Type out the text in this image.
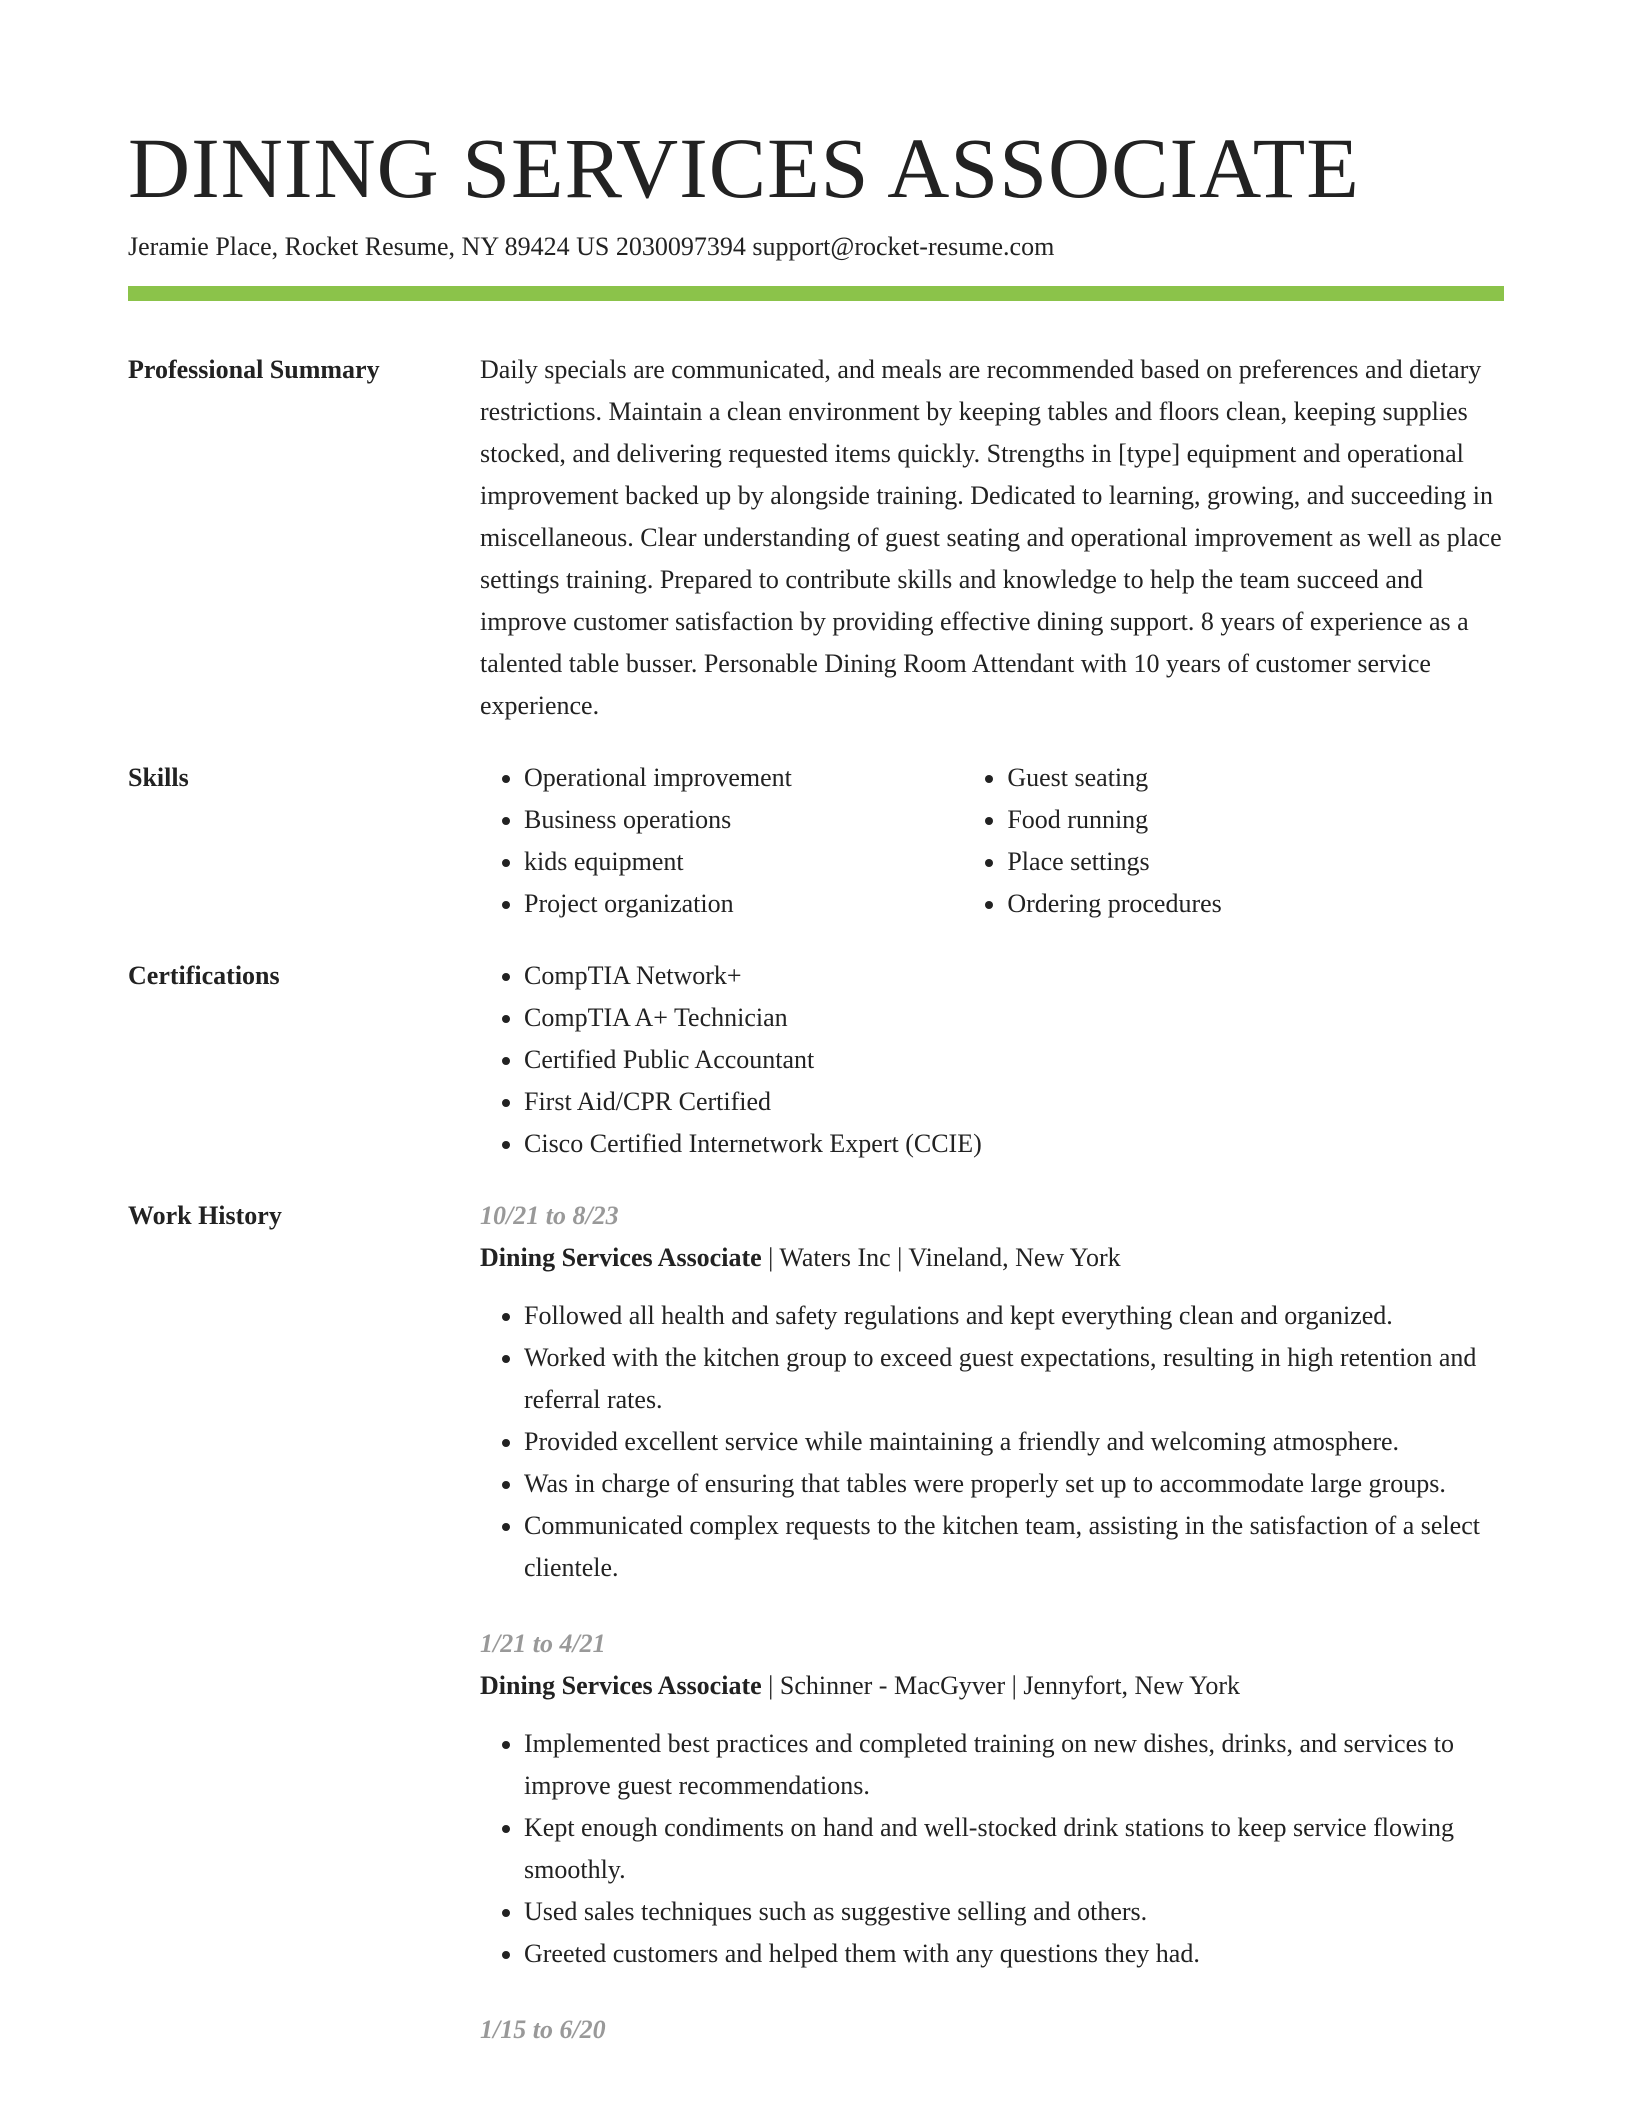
DINING SERVICES ASSOCIATE
Jeramie Place, Rocket Resume, NY 89424 US 2030097394 support@rocket-resume.com
Professional Summary	Daily specials are communicated, and meals are recommended based on preferences and dietary restrictions. Maintain a clean environment by keeping tables and floors clean, keeping supplies stocked, and delivering requested items quickly. Strengths in [type] equipment and operational improvement backed up by alongside training. Dedicated to learning, growing, and succeeding in miscellaneous. Clear understanding of guest seating and operational improvement as well as place settings training. Prepared to contribute skills and knowledge to help the team succeed and improve customer satisfaction by providing effective dining support. 8 years of experience as a talented table busser. Personable Dining Room Attendant with 10 years of customer service experience.

Skills	• Operational improvement
• Business operations
• kids equipment
• Project organization
• Guest seating
• Food running
• Place settings
• Ordering procedures
Certifications	• CompTIA Network+
• CompTIA A+ Technician
• Certified Public Accountant
• First Aid/CPR Certified
• Cisco Certified Internetwork Expert (CCIE)
Work History	10/21 to 8/23
Dining Services Associate | Waters Inc | Vineland, New York
• Followed all health and safety regulations and kept everything clean and organized.
• Worked with the kitchen group to exceed guest expectations, resulting in high retention and referral rates.
• Provided excellent service while maintaining a friendly and welcoming atmosphere.
• Was in charge of ensuring that tables were properly set up to accommodate large groups.
• Communicated complex requests to the kitchen team, assisting in the satisfaction of a select clientele.
1/21 to 4/21
Dining Services Associate | Schinner - MacGyver | Jennyfort, New York
• Implemented best practices and completed training on new dishes, drinks, and services to improve guest recommendations.
• Kept enough condiments on hand and well-stocked drink stations to keep service flowing smoothly.
• Used sales techniques such as suggestive selling and others.
• Greeted customers and helped them with any questions they had.
1/15 to 6/20
